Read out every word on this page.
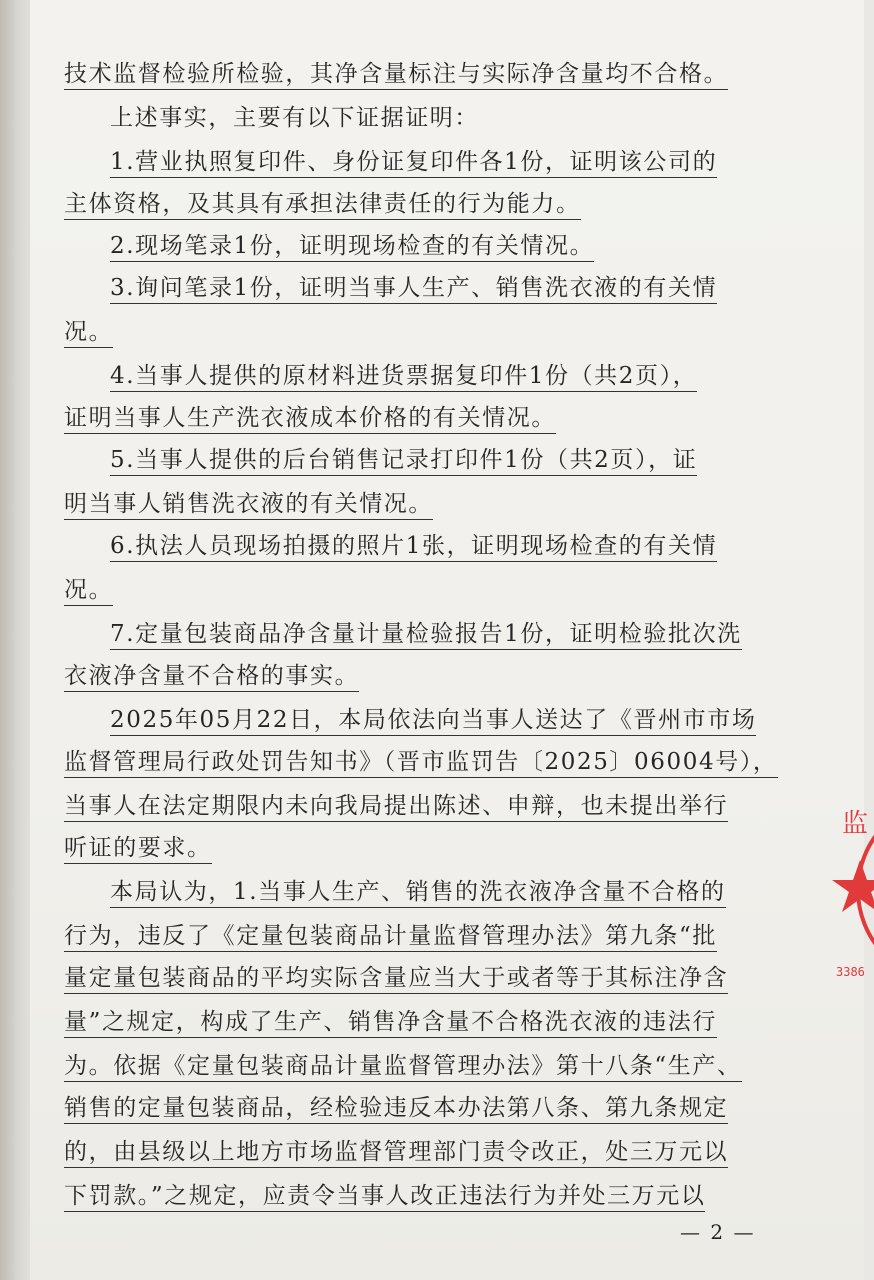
技术监督检验所检验，其净含量标注与实际净含量均不合格。
上述事实，主要有以下证据证明：
1.营业执照复印件、身份证复印件各1份，证明该公司的
主体资格，及其具有承担法律责任的行为能力。
2.现场笔录1份，证明现场检查的有关情况。
3.询问笔录1份，证明当事人生产、销售洗衣液的有关情
况。
4.当事人提供的原材料进货票据复印件1份（共2页），
证明当事人生产洗衣液成本价格的有关情况。
5.当事人提供的后台销售记录打印件1份（共2页），证
明当事人销售洗衣液的有关情况。
6.执法人员现场拍摄的照片1张，证明现场检查的有关情
况。
7.定量包装商品净含量计量检验报告1份，证明检验批次洗
衣液净含量不合格的事实。
2025年05月22日，本局依法向当事人送达了《晋州市市场
监督管理局行政处罚告知书》（晋市监罚告〔2025〕06004号），
当事人在法定期限内未向我局提出陈述、申辩，也未提出举行
听证的要求。
本局认为，1.当事人生产、销售的洗衣液净含量不合格的
行为，违反了《定量包装商品计量监督管理办法》第九条“批
量定量包装商品的平均实际含量应当大于或者等于其标注净含
量”之规定，构成了生产、销售净含量不合格洗衣液的违法行
为。依据《定量包装商品计量监督管理办法》第十八条“生产、
销售的定量包装商品，经检验违反本办法第八条、第九条规定
的，由县级以上地方市场监督管理部门责令改正，处三万元以
下罚款。”之规定，应责令当事人改正违法行为并处三万元以
— 2 —
监
3386
